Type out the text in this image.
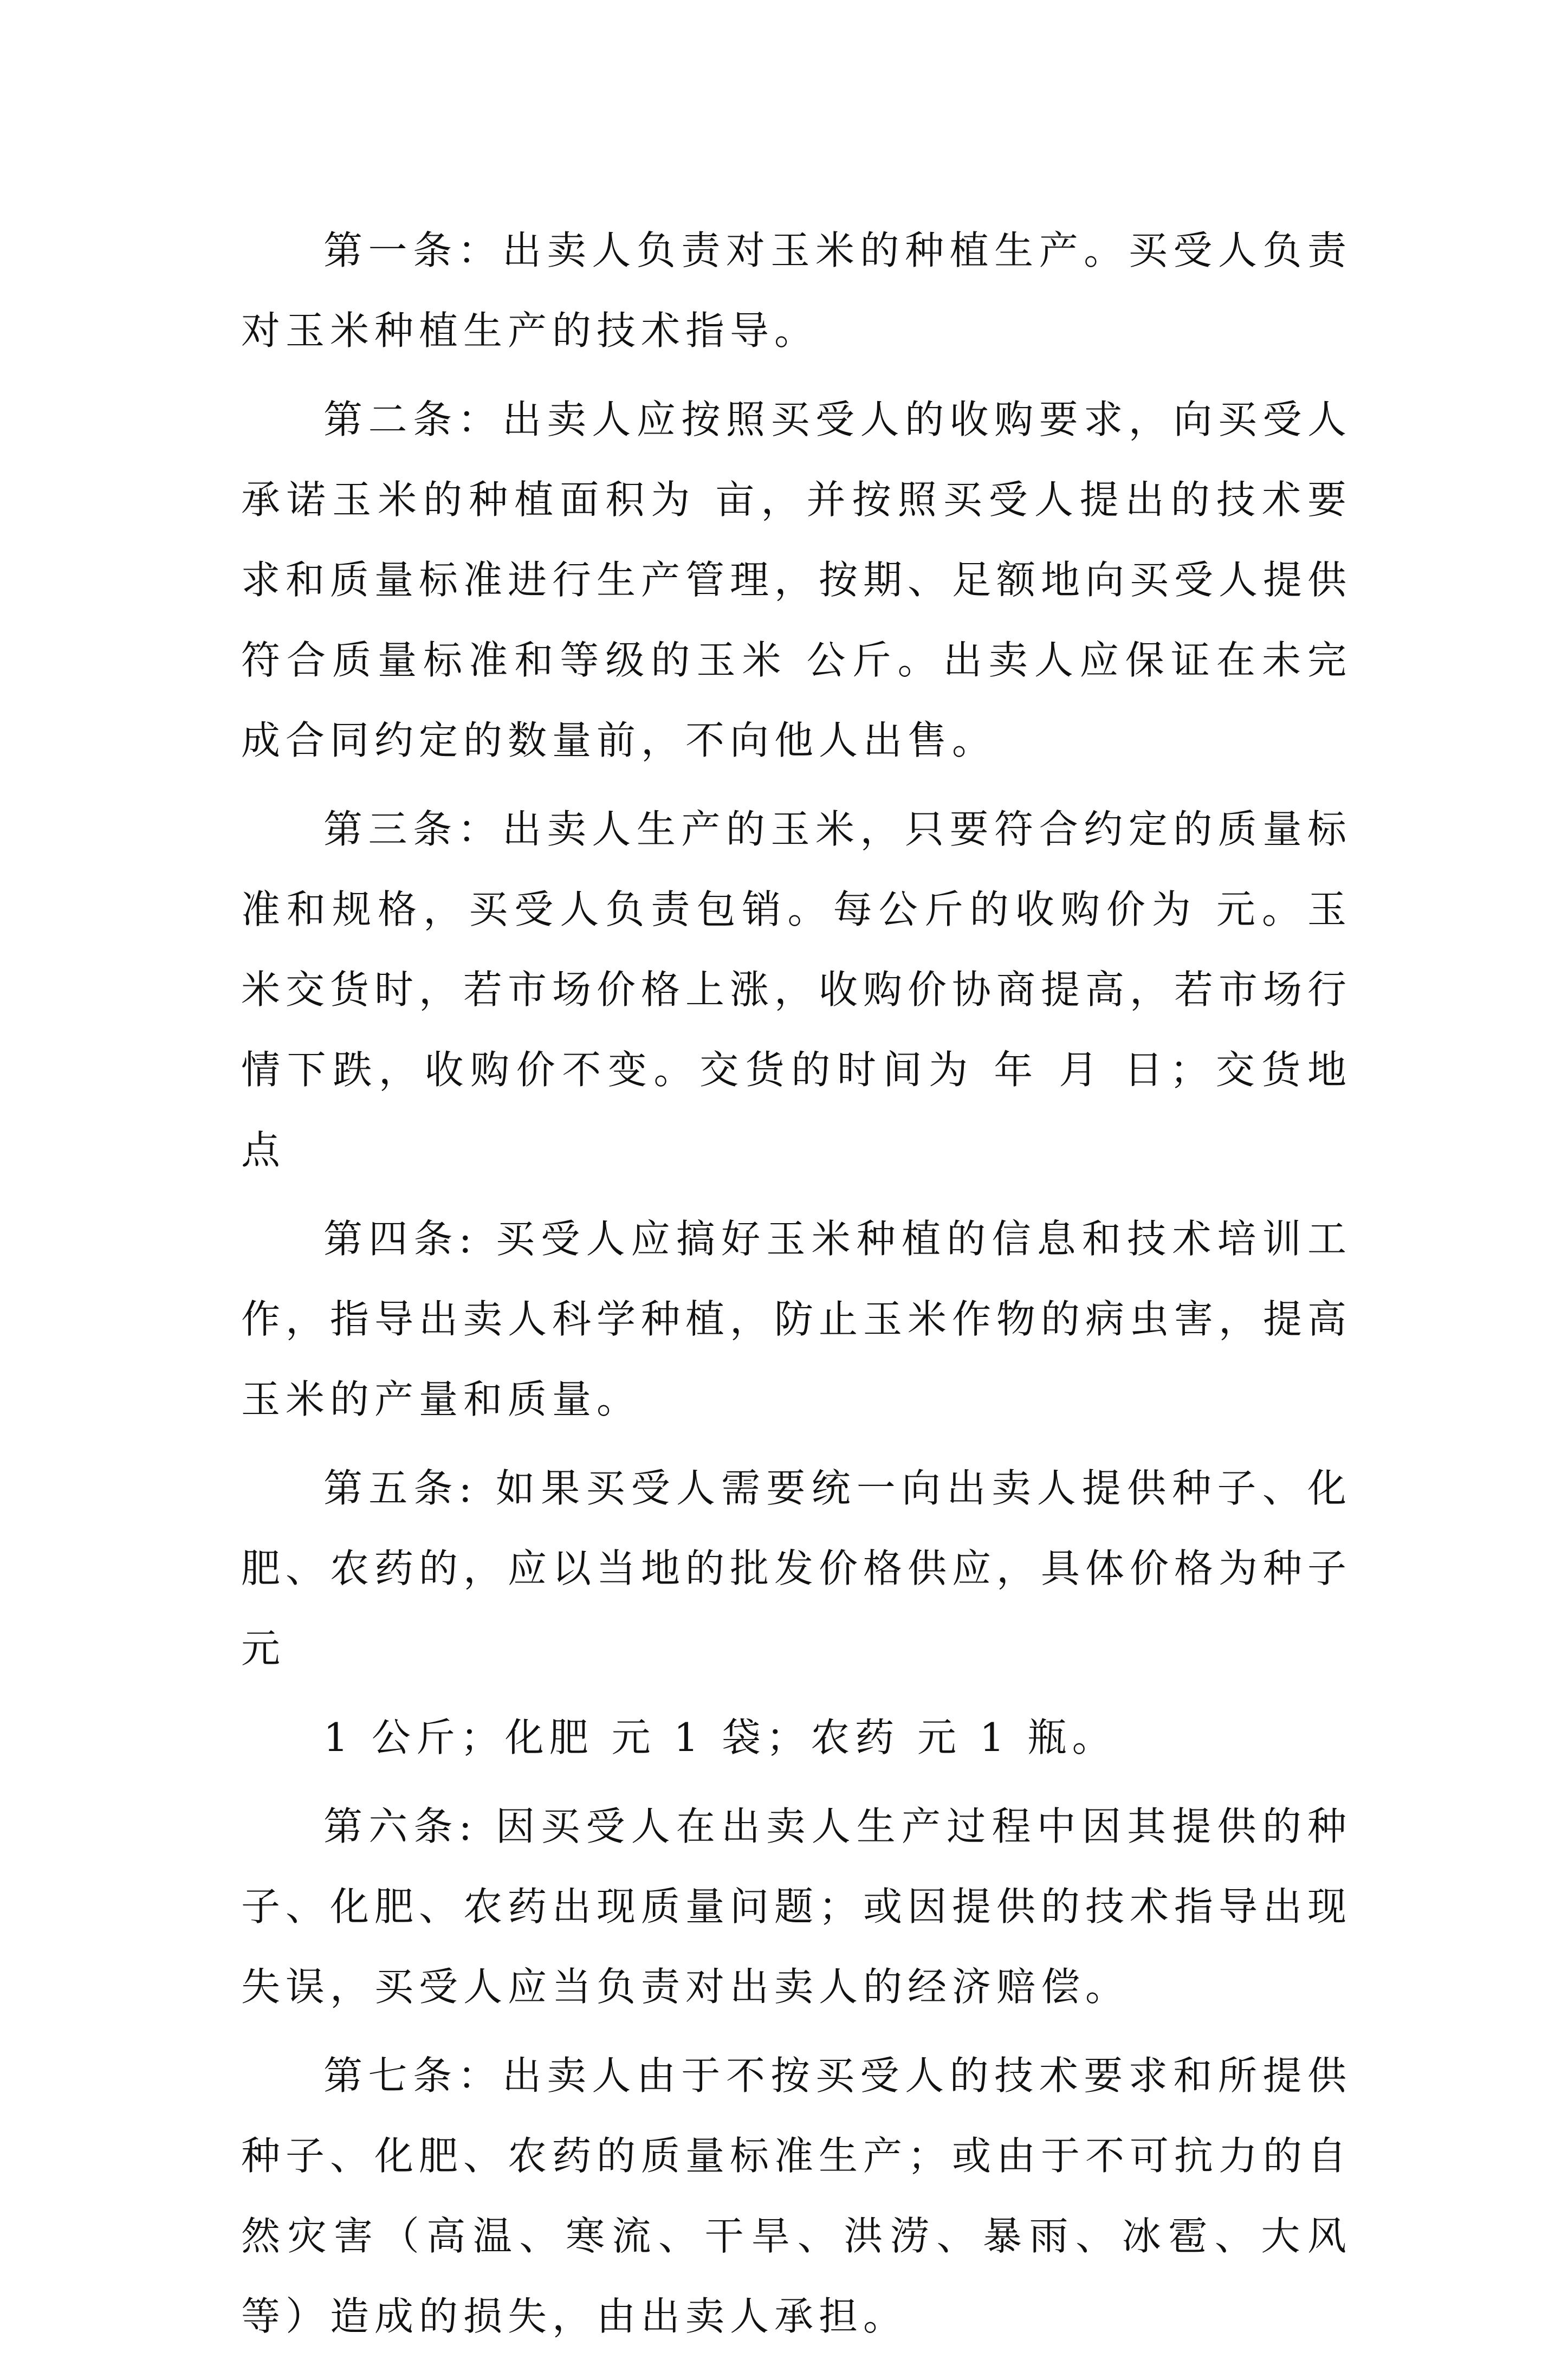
第一条：出卖人负责对玉米的种植生产。买受人负责对玉米种植生产的技术指导。

第二条：出卖人应按照买受人的收购要求，向买受人承诺玉米的种植面积为 亩，并按照买受人提出的技术要求和质量标准进行生产管理，按期、足额地向买受人提供符合质量标准和等级的玉米 公斤。出卖人应保证在未完成合同约定的数量前，不向他人出售。

第三条：出卖人生产的玉米，只要符合约定的质量标准和规格，买受人负责包销。每公斤的收购价为 元。玉米交货时，若市场价格上涨，收购价协商提高，若市场行情下跌，收购价不变。交货的时间为 年 月 日；交货地点

第四条: 买受人应搞好玉米种植的信息和技术培训工作，指导出卖人科学种植，防止玉米作物的病虫害，提高玉米的产量和质量。

第五条: 如果买受人需要统一向出卖人提供种子、化肥、农药的，应以当地的批发价格供应，具体价格为种子 元

1 公斤；化肥 元 1 袋；农药 元 1 瓶。

第六条: 因买受人在出卖人生产过程中因其提供的种子、化肥、农药出现质量问题；或因提供的技术指导出现失误，买受人应当负责对出卖人的经济赔偿。

第七条：出卖人由于不按买受人的技术要求和所提供种子、化肥、农药的质量标准生产；或由于不可抗力的自然灾害（高温、寒流、干旱、洪涝、暴雨、冰雹、大风等）造成的损失，由出卖人承担。
